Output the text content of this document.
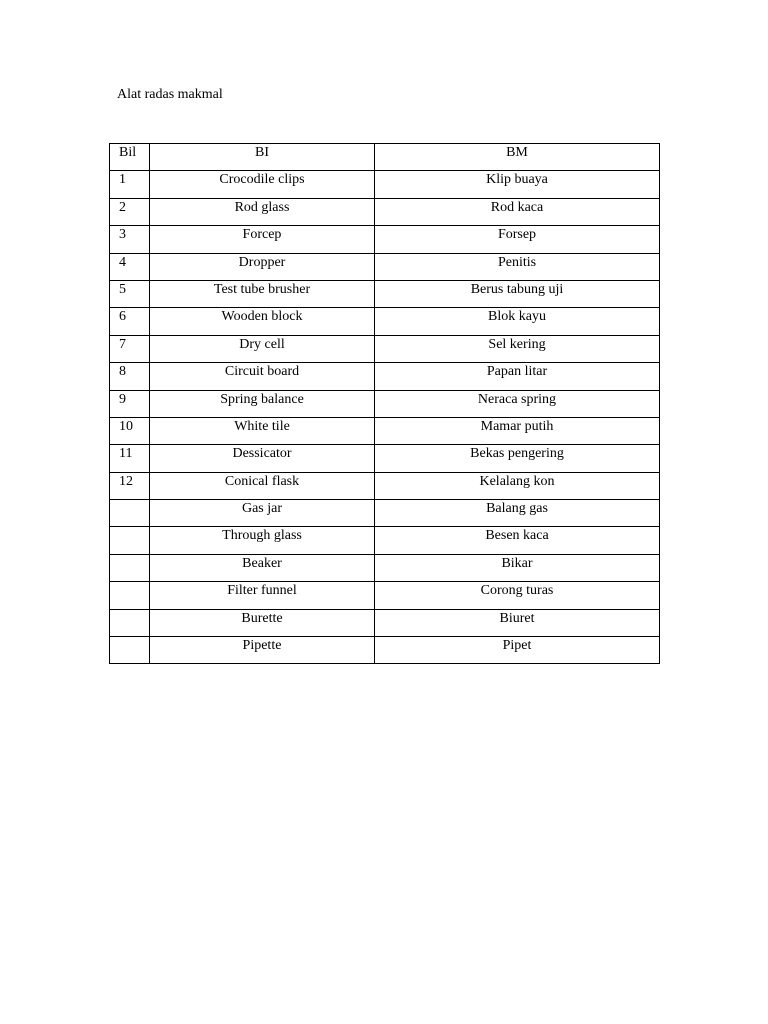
Alat radas makmal
Bil	BI	BM
1	Crocodile clips	Klip buaya
2	Rod glass	Rod kaca
3	Forcep	Forsep
4	Dropper	Penitis
5	Test tube brusher	Berus tabung uji
6	Wooden block	Blok kayu
7	Dry cell	Sel kering
8	Circuit board	Papan litar
9	Spring balance	Neraca spring
10	White tile	Mamar putih
11	Dessicator	Bekas pengering
12	Conical flask	Kelalang kon
	Gas jar	Balang gas
	Through glass	Besen kaca
	Beaker	Bikar
	Filter funnel	Corong turas
	Burette	Biuret
	Pipette	Pipet
